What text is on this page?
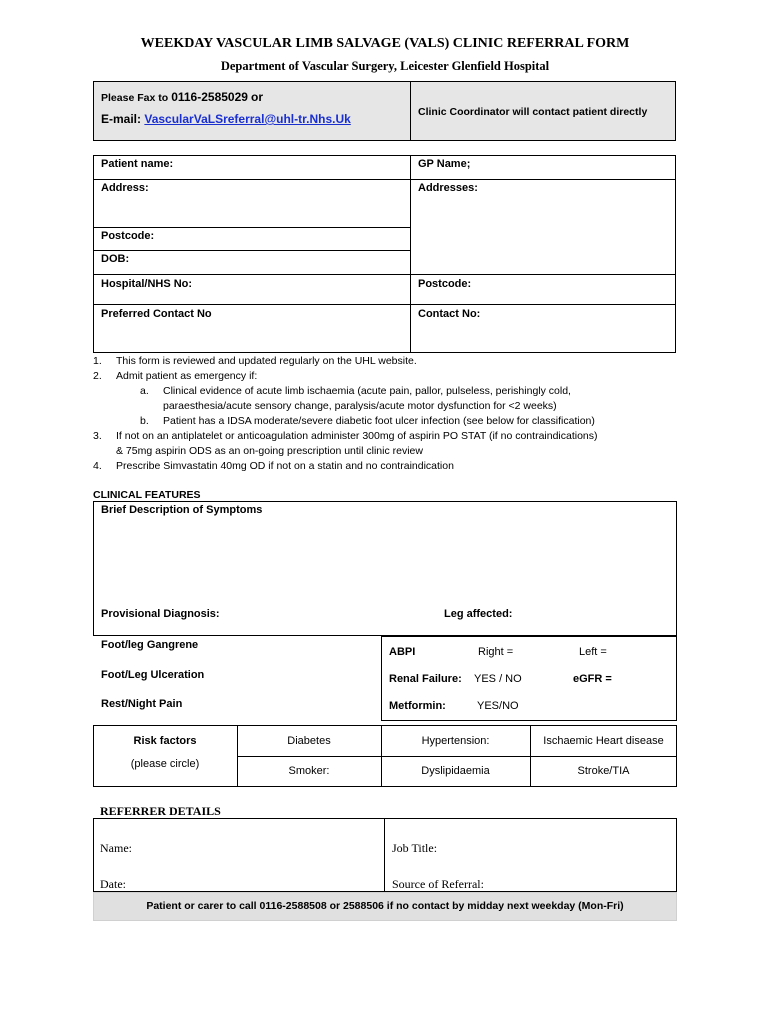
WEEKDAY VASCULAR LIMB SALVAGE (VALS) CLINIC REFERRAL FORM
Department of Vascular Surgery, Leicester Glenfield Hospital
Please Fax to 0116-2585029 or
E-mail: VascularVaLSreferral@uhl-tr.Nhs.Uk	Clinic Coordinator will contact patient directly
Patient name:	GP Name;
Address:	Addresses:
Postcode:
DOB:
Hospital/NHS No:	Postcode:
Preferred Contact No	Contact No:
1. This form is reviewed and updated regularly on the UHL website.
2. Admit patient as emergency if:
a. Clinical evidence of acute limb ischaemia (acute pain, pallor, pulseless, perishingly cold,
paraesthesia/acute sensory change, paralysis/acute motor dysfunction for <2 weeks)
b. Patient has a IDSA moderate/severe diabetic foot ulcer infection (see below for classification)
3. If not on an antiplatelet or anticoagulation administer 300mg of aspirin PO STAT (if no contraindications)
& 75mg aspirin ODS as an on-going prescription until clinic review
4. Prescribe Simvastatin 40mg OD if not on a statin and no contraindication
CLINICAL FEATURES
Brief Description of Symptoms
Provisional Diagnosis:	Leg affected:
Foot/leg Gangrene
Foot/Leg Ulceration
Rest/Night Pain
ABPI	Right =	Left =
Renal Failure: YES / NO	eGFR =
Metformin:	YES/NO
Risk factors
(please circle)
Diabetes	Hypertension:	Ischaemic Heart disease
Smoker:	Dyslipidaemia	Stroke/TIA
REFERRER DETAILS
Name:	Job Title:
Date:	Source of Referral:
Patient or carer to call 0116-2588508 or 2588506 if no contact by midday next weekday (Mon-Fri)
